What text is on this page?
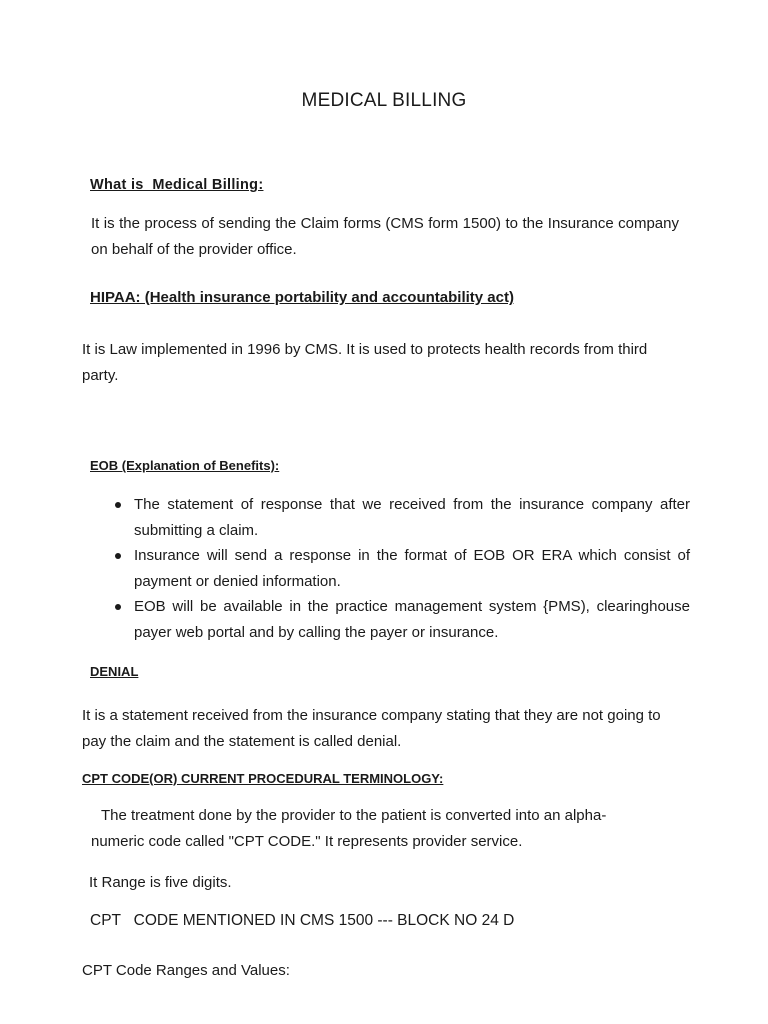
MEDICAL BILLING
What is  Medical Billing:
It is the process of sending the Claim forms (CMS form 1500) to the Insurance company on behalf of the provider office.
HIPAA: (Health insurance portability and accountability act)
It is Law implemented in 1996 by CMS. It is used to protects health records from third party.
EOB (Explanation of Benefits):
The statement of response that we received from the insurance company after submitting a claim.
Insurance will send a response in the format of EOB OR ERA which consist of payment or denied information.
EOB will be available in the practice management system {PMS), clearinghouse payer web portal and by calling the payer or insurance.
DENIAL
It is a statement received from the insurance company stating that they are not going to pay the claim and the statement is called denial.
CPT CODE(OR) CURRENT PROCEDURAL TERMINOLOGY:
The treatment done by the provider to the patient is converted into an alpha-numeric code called "CPT CODE." It represents provider service.
It Range is five digits.
CPT   CODE MENTIONED IN CMS 1500 --- BLOCK NO 24 D
CPT Code Ranges and Values:
